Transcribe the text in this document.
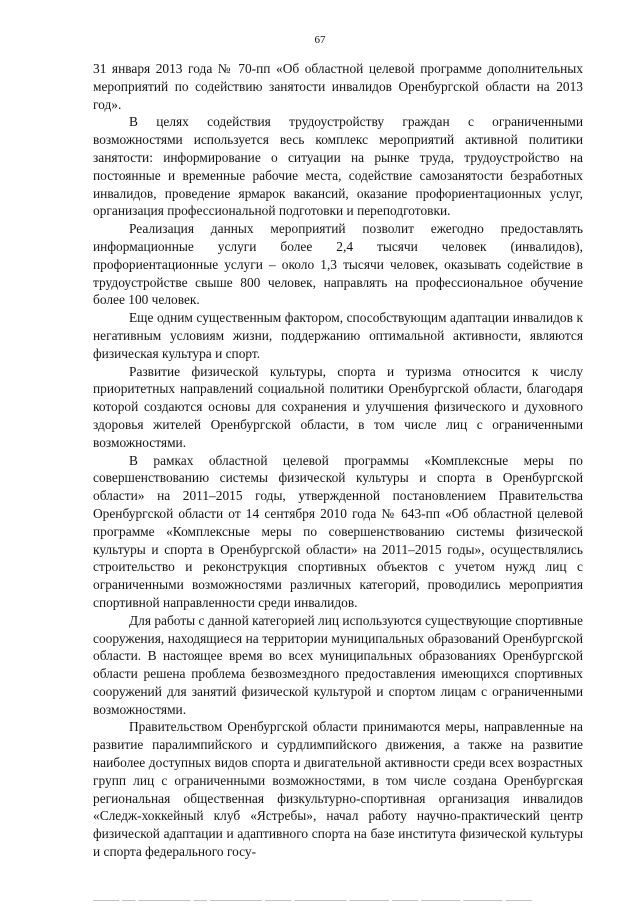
67

31 января 2013 года № 70-пп «Об областной целевой программе дополнительных мероприятий по содействию занятости инвалидов Оренбургской области на 2013 год».

В целях содействия трудоустройству граждан с ограниченными возможностями используется весь комплекс мероприятий активной политики занятости: информирование о ситуации на рынке труда, трудоустройство на постоянные и временные рабочие места, содействие самозанятости безработных инвалидов, проведение ярмарок вакансий, оказание профориентационных услуг, организация профессиональной подготовки и переподготовки.

Реализация данных мероприятий позволит ежегодно предоставлять информационные услуги более 2,4 тысячи человек (инвалидов), профориентационные услуги – около 1,3 тысячи человек, оказывать содействие в трудоустройстве свыше 800 человек, направлять на профессиональное обучение более 100 человек.

Еще одним существенным фактором, способствующим адаптации инвалидов к негативным условиям жизни, поддержанию оптимальной активности, являются физическая культура и спорт.

Развитие физической культуры, спорта и туризма относится к числу приоритетных направлений социальной политики Оренбургской области, благодаря которой создаются основы для сохранения и улучшения физического и духовного здоровья жителей Оренбургской области, в том числе лиц с ограниченными возможностями.

В рамках областной целевой программы «Комплексные меры по совершенствованию системы физической культуры и спорта в Оренбургской области» на 2011–2015 годы, утвержденной постановлением Правительства Оренбургской области от 14 сентября 2010 года № 643-пп «Об областной целевой программе «Комплексные меры по совершенствованию системы физической культуры и спорта в Оренбургской области» на 2011–2015 годы», осуществлялись строительство и реконструкция спортивных объектов с учетом нужд лиц с ограниченными возможностями различных категорий, проводились мероприятия спортивной направленности среди инвалидов.

Для работы с данной категорией лиц используются существующие спортивные сооружения, находящиеся на территории муниципальных образований Оренбургской области. В настоящее время во всех муниципальных образованиях Оренбургской области решена проблема безвозмездного предоставления имеющихся спортивных сооружений для занятий физической культурой и спортом лицам с ограниченными возможностями.

Правительством Оренбургской области принимаются меры, направленные на развитие паралимпийского и сурдлимпийского движения, а также на развитие наиболее доступных видов спорта и двигательной активности среди всех возрастных групп лиц с ограниченными возможностями, в том числе создана Оренбургская региональная общественная физкультурно-спортивная организация инвалидов «Следж-хоккейный клуб «Ястребы», начал работу научно-практический центр физической адаптации и адаптивного спорта на базе института физической культуры и спорта федерального госу-

—— — ———— — ———— —— ———— ——— —— ——— ——— ——
